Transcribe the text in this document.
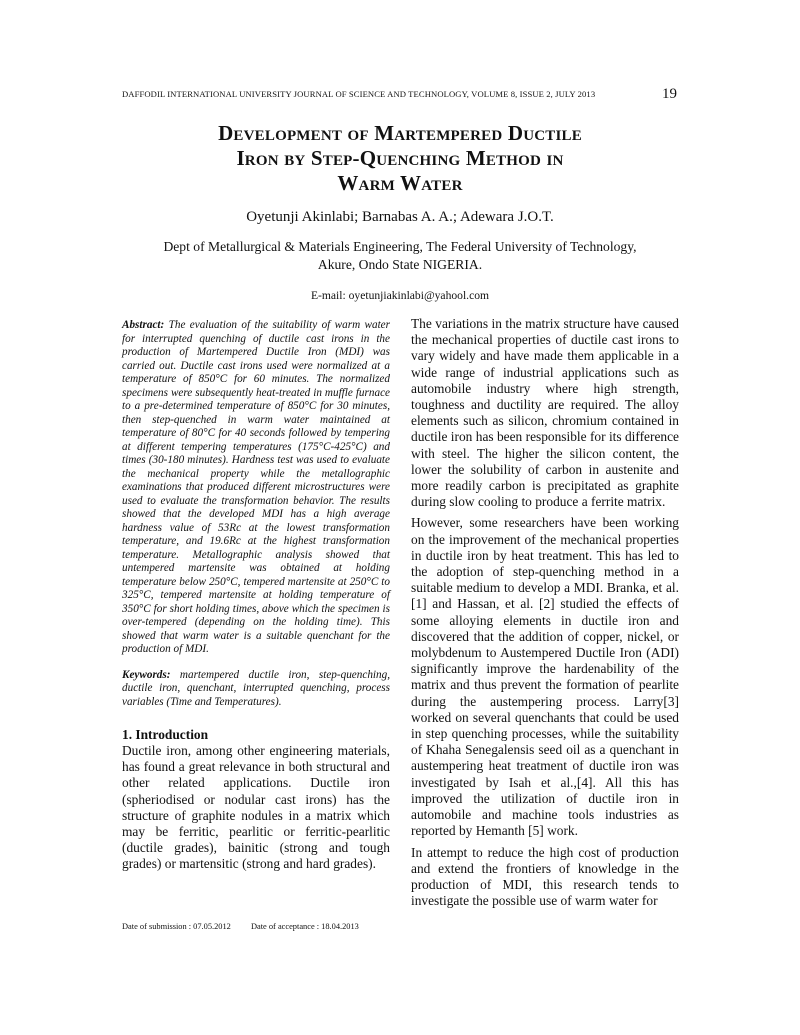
DAFFODIL INTERNATIONAL UNIVERSITY JOURNAL OF SCIENCE AND TECHNOLOGY, VOLUME 8, ISSUE 2, JULY 2013	19
Development of Martempered Ductile
Iron by Step-Quenching Method in
Warm Water
Oyetunji Akinlabi; Barnabas A. A.; Adewara J.O.T.
Dept of Metallurgical & Materials Engineering, The Federal University of Technology,
Akure, Ondo State NIGERIA.
E-mail: oyetunjiakinlabi@yahool.com

Abstract: The evaluation of the suitability of warm water for interrupted quenching of ductile cast irons in the production of Martempered Ductile Iron (MDI) was carried out. Ductile cast irons used were normalized at a temperature of 850°C for 60 minutes. The normalized specimens were subsequently heat-treated in muffle furnace to a pre-determined temperature of 850°C for 30 minutes, then step-quenched in warm water maintained at temperature of 80°C for 40 seconds followed by tempering at different tempering temperatures (175°C-425°C) and times (30-180 minutes). Hardness test was used to evaluate the mechanical property while the metallographic examinations that produced different microstructures were used to evaluate the transformation behavior. The results showed that the developed MDI has a high average hardness value of 53Rc at the lowest transformation temperature, and 19.6Rc at the highest transformation temperature. Metallographic analysis showed that untempered martensite was obtained at holding temperature below 250°C, tempered martensite at 250°C to 325°C, tempered martensite at holding temperature of 350°C for short holding times, above which the specimen is over-tempered (depending on the holding time). This showed that warm water is a suitable quenchant for the production of MDI.

Keywords: martempered ductile iron, step-quenching, ductile iron, quenchant, interrupted quenching, process variables (Time and Temperatures).

1. Introduction

Ductile iron, among other engineering materials, has found a great relevance in both structural and other related applications. Ductile iron (spheriodised or nodular cast irons) has the structure of graphite nodules in a matrix which may be ferritic, pearlitic or ferritic-pearlitic (ductile grades), bainitic (strong and tough grades) or martensitic (strong and hard grades).

The variations in the matrix structure have caused the mechanical properties of ductile cast irons to vary widely and have made them applicable in a wide range of industrial applications such as automobile industry where high strength, toughness and ductility are required. The alloy elements such as silicon, chromium contained in ductile iron has been responsible for its difference with steel. The higher the silicon content, the lower the solubility of carbon in austenite and more readily carbon is precipitated as graphite during slow cooling to produce a ferrite matrix.

However, some researchers have been working on the improvement of the mechanical properties in ductile iron by heat treatment. This has led to the adoption of step-quenching method in a suitable medium to develop a MDI. Branka, et al. [1] and Hassan, et al. [2] studied the effects of some alloying elements in ductile iron and discovered that the addition of copper, nickel, or molybdenum to Austempered Ductile Iron (ADI) significantly improve the hardenability of the matrix and thus prevent the formation of pearlite during the austempering process. Larry[3] worked on several quenchants that could be used in step quenching processes, while the suitability of Khaha Senegalensis seed oil as a quenchant in austempering heat treatment of ductile iron was investigated by Isah et al.,[4]. All this has improved the utilization of ductile iron in automobile and machine tools industries as reported by Hemanth [5] work.

In attempt to reduce the high cost of production and extend the frontiers of knowledge in the production of MDI, this research tends to investigate the possible use of warm water for

Date of submission : 07.05.2012 Date of acceptance : 18.04.2013
